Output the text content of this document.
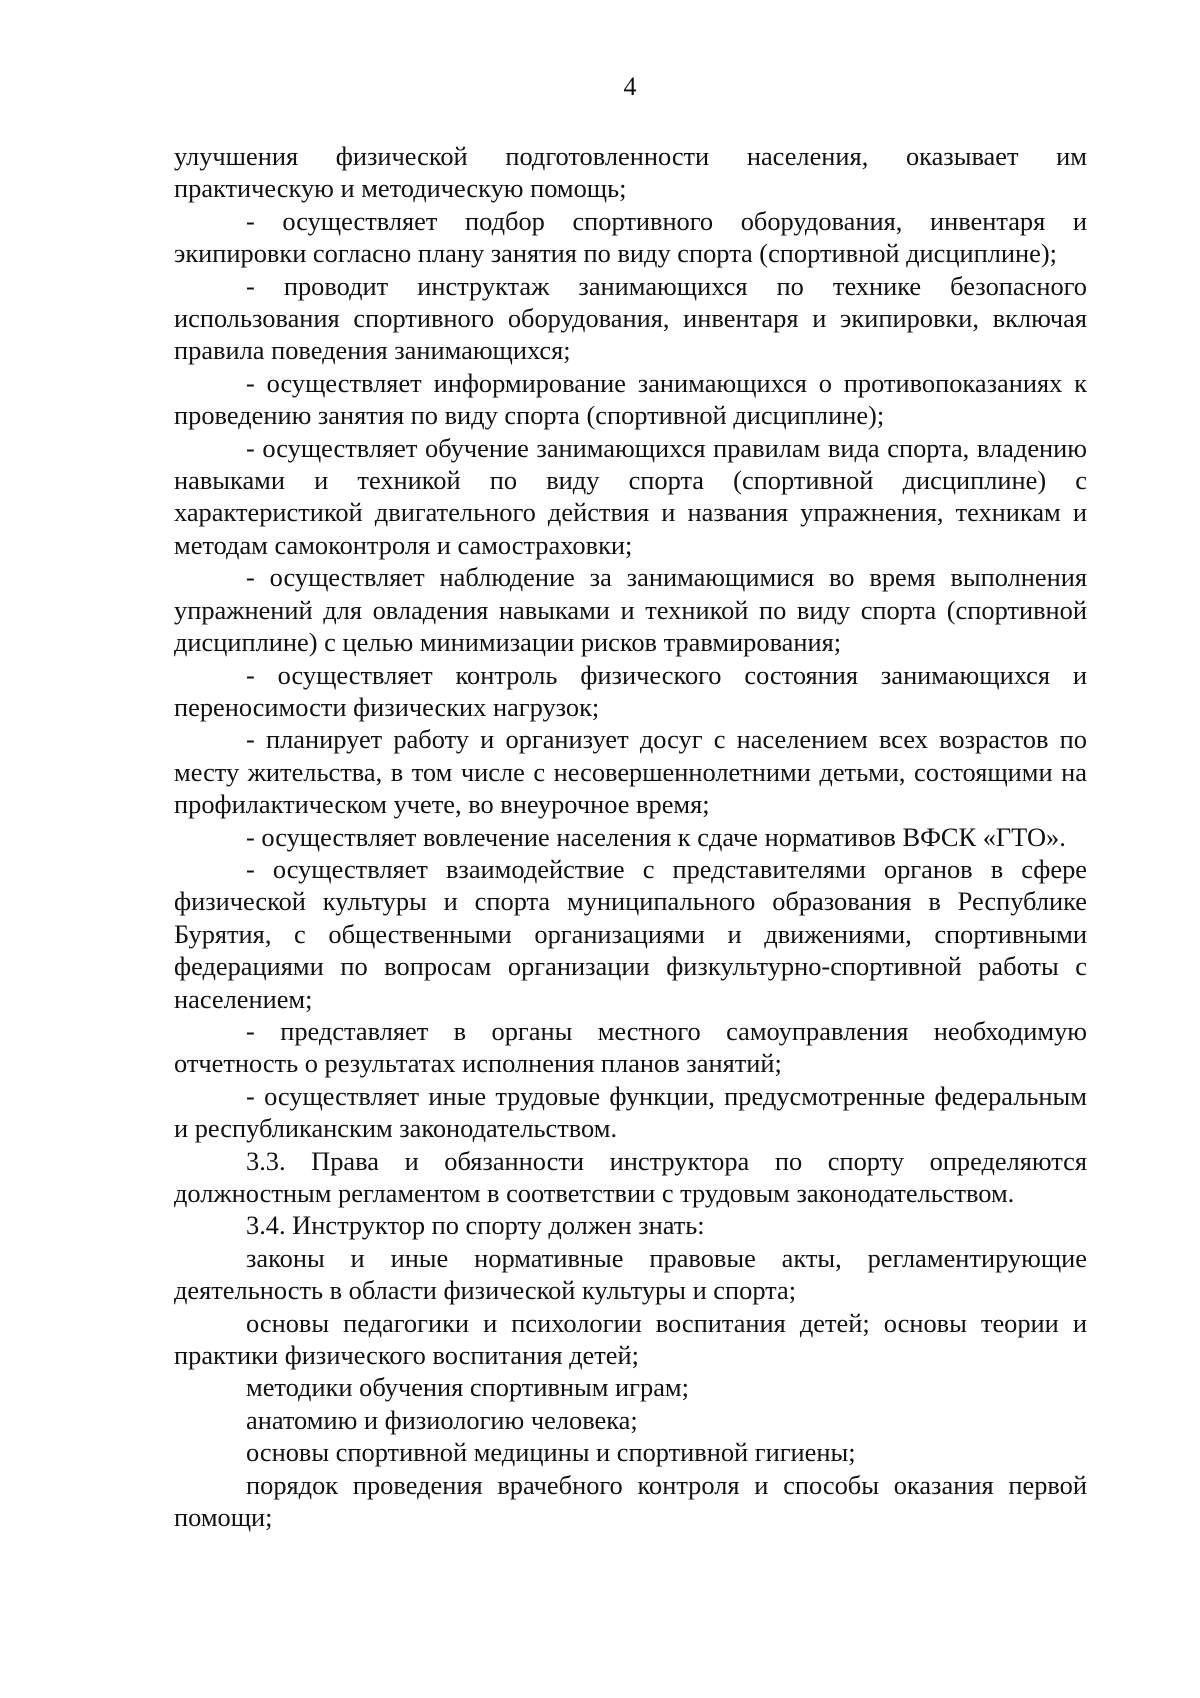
4

улучшения физической подготовленности населения, оказывает им практическую и методическую помощь;

- осуществляет подбор спортивного оборудования, инвентаря и экипировки согласно плану занятия по виду спорта (спортивной дисциплине);

- проводит инструктаж занимающихся по технике безопасного использования спортивного оборудования, инвентаря и экипировки, включая правила поведения занимающихся;

- осуществляет информирование занимающихся о противопоказаниях к проведению занятия по виду спорта (спортивной дисциплине);

- осуществляет обучение занимающихся правилам вида спорта, владению навыками и техникой по виду спорта (спортивной дисциплине) с характеристикой двигательного действия и названия упражнения, техникам и методам самоконтроля и самостраховки;

- осуществляет наблюдение за занимающимися во время выполнения упражнений для овладения навыками и техникой по виду спорта (спортивной дисциплине) с целью минимизации рисков травмирования;

- осуществляет контроль физического состояния занимающихся и переносимости физических нагрузок;

- планирует работу и организует досуг с населением всех возрастов по месту жительства, в том числе с несовершеннолетними детьми, состоящими на профилактическом учете, во внеурочное время;

- осуществляет вовлечение населения к сдаче нормативов ВФСК «ГТО».

- осуществляет взаимодействие с представителями органов в сфере физической культуры и спорта муниципального образования в Республике Бурятия, с общественными организациями и движениями, спортивными федерациями по вопросам организации физкультурно-спортивной работы с населением;

- представляет в органы местного самоуправления необходимую отчетность о результатах исполнения планов занятий;

- осуществляет иные трудовые функции, предусмотренные федеральным и республиканским законодательством.

3.3. Права и обязанности инструктора по спорту определяются должностным регламентом в соответствии с трудовым законодательством.

3.4. Инструктор по спорту должен знать:

законы и иные нормативные правовые акты, регламентирующие деятельность в области физической культуры и спорта;

основы педагогики и психологии воспитания детей; основы теории и практики физического воспитания детей;

методики обучения спортивным играм;

анатомию и физиологию человека;

основы спортивной медицины и спортивной гигиены;

порядок проведения врачебного контроля и способы оказания первой помощи;
